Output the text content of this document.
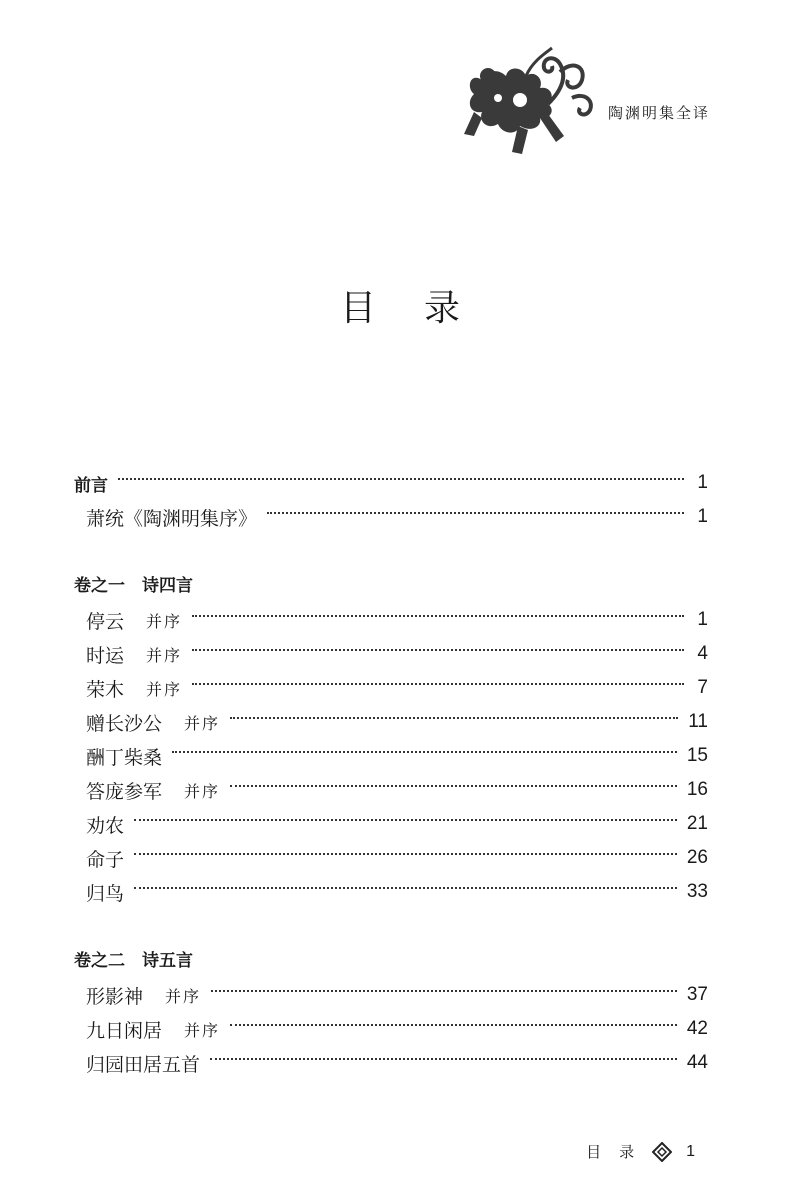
陶渊明集全译
目录
前言	1
萧统《陶渊明集序》	1
卷之一　诗四言
停云 并序	1
时运 并序	4
荣木 并序	7
赠长沙公 并序	11
酬丁柴桑	15
答庞参军 并序	16
劝农	21
命子	26
归鸟	33
卷之二　诗五言
形影神 并序	37
九日闲居 并序	42
归园田居五首	44
目录 1
